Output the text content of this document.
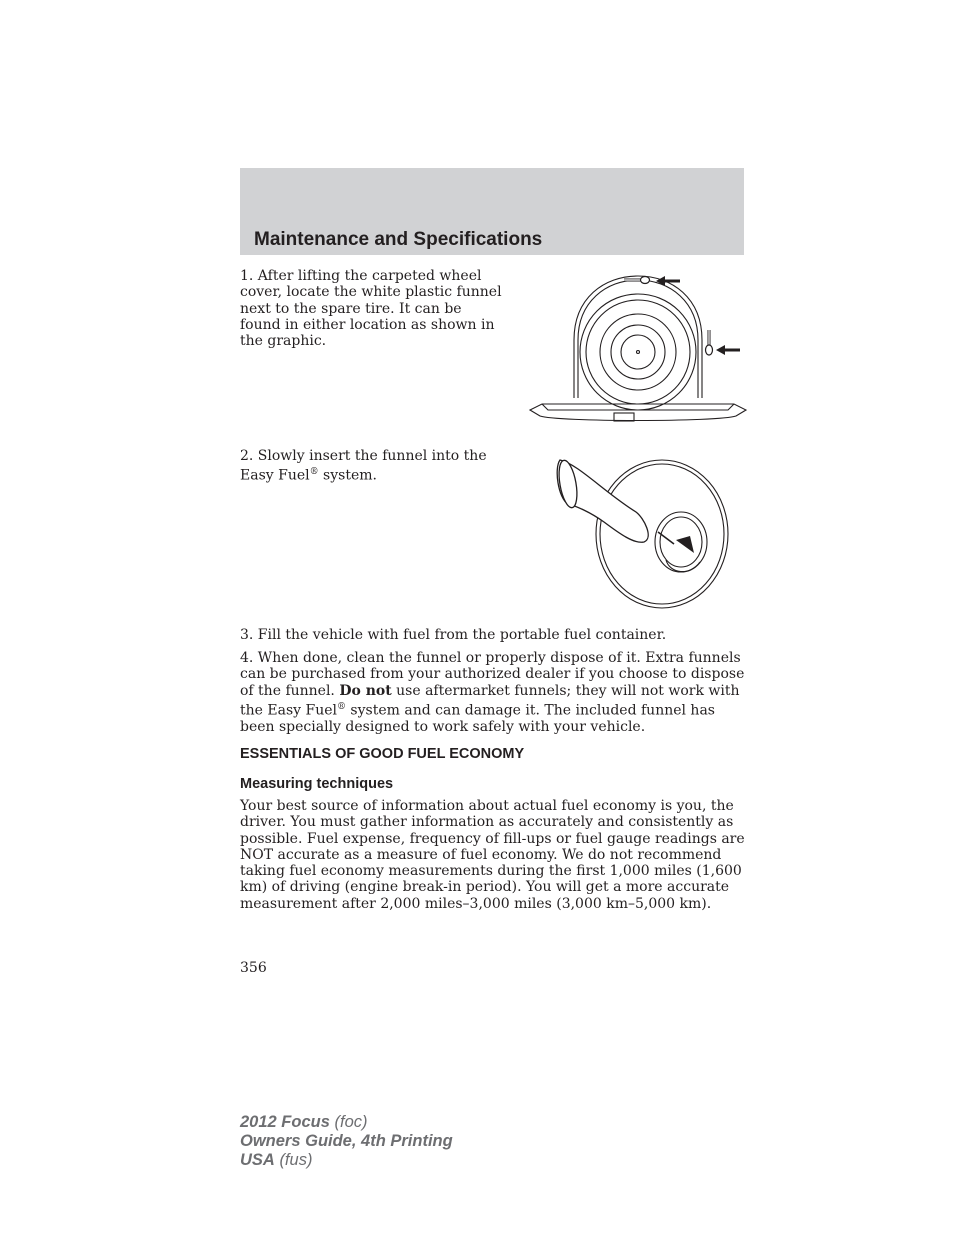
Maintenance and Specifications

1. After lifting the carpeted wheel cover, locate the white plastic funnel next to the spare tire. It can be found in either location as shown in the graphic.

2. Slowly insert the funnel into the Easy Fuel® system.

3. Fill the vehicle with fuel from the portable fuel container.

4. When done, clean the funnel or properly dispose of it. Extra funnels can be purchased from your authorized dealer if you choose to dispose of the funnel. Do not use aftermarket funnels; they will not work with the Easy Fuel® system and can damage it. The included funnel has been specially designed to work safely with your vehicle.

ESSENTIALS OF GOOD FUEL ECONOMY
Measuring techniques

Your best source of information about actual fuel economy is you, the driver. You must gather information as accurately and consistently as possible. Fuel expense, frequency of fill-ups or fuel gauge readings are NOT accurate as a measure of fuel economy. We do not recommend taking fuel economy measurements during the first 1,000 miles (1,600 km) of driving (engine break-in period). You will get a more accurate measurement after 2,000 miles–3,000 miles (3,000 km–5,000 km).

356
2012 Focus (foc)
Owners Guide, 4th Printing
USA (fus)
